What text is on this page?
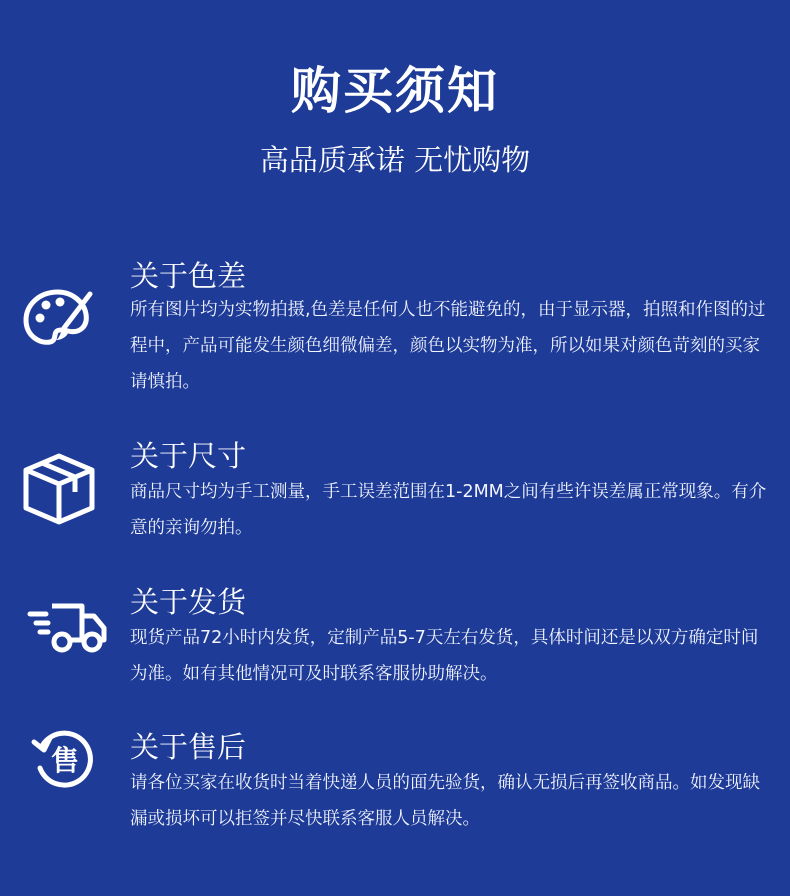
购买须知
高品质承诺 无忧购物
关于色差
所有图片均为实物拍摄,色差是任何人也不能避免的，由于显示器，拍照和作图的过程中，产品可能发生颜色细微偏差，颜色以实物为准，所以如果对颜色苛刻的买家请慎拍。
关于尺寸
商品尺寸均为手工测量，手工误差范围在1-2MM之间有些许误差属正常现象。有介意的亲询勿拍。
关于发货
现货产品72小时内发货，定制产品5-7天左右发货，具体时间还是以双方确定时间为准。如有其他情况可及时联系客服协助解决。
售 关于售后
请各位买家在收货时当着快递人员的面先验货，确认无损后再签收商品。如发现缺漏或损坏可以拒签并尽快联系客服人员解决。
